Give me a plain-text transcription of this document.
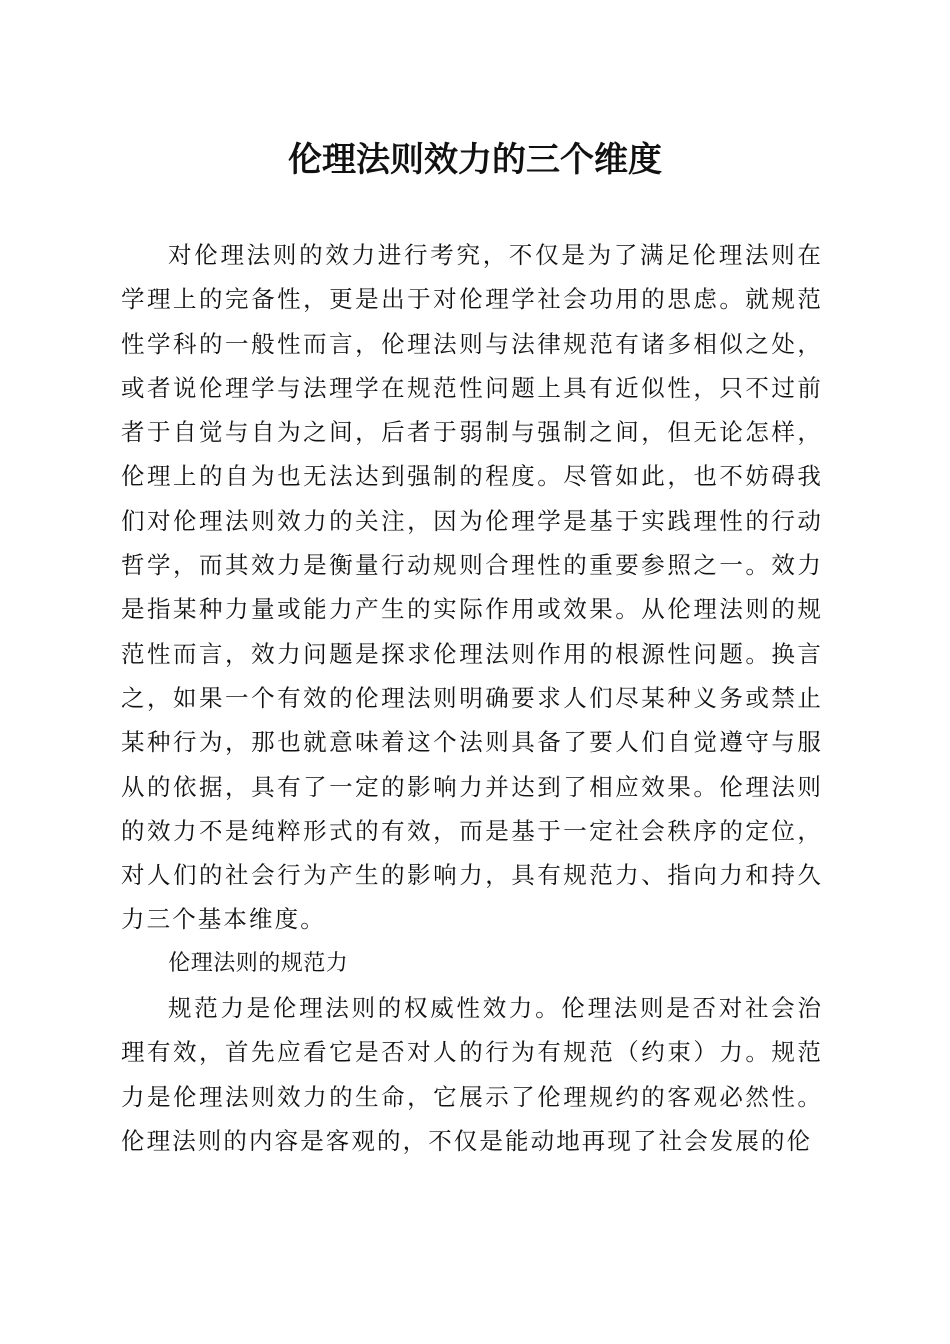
伦理法则效力的三个维度

对伦理法则的效力进行考究，不仅是为了满足伦理法则在学理上的完备性，更是出于对伦理学社会功用的思虑。就规范性学科的一般性而言，伦理法则与法律规范有诸多相似之处，或者说伦理学与法理学在规范性问题上具有近似性，只不过前者于自觉与自为之间，后者于弱制与强制之间，但无论怎样，伦理上的自为也无法达到强制的程度。尽管如此，也不妨碍我们对伦理法则效力的关注，因为伦理学是基于实践理性的行动哲学，而其效力是衡量行动规则合理性的重要参照之一。效力是指某种力量或能力产生的实际作用或效果。从伦理法则的规范性而言，效力问题是探求伦理法则作用的根源性问题。换言之，如果一个有效的伦理法则明确要求人们尽某种义务或禁止某种行为，那也就意味着这个法则具备了要人们自觉遵守与服从的依据，具有了一定的影响力并达到了相应效果。伦理法则的效力不是纯粹形式的有效，而是基于一定社会秩序的定位，对人们的社会行为产生的影响力，具有规范力、指向力和持久力三个基本维度。

伦理法则的规范力

规范力是伦理法则的权威性效力。伦理法则是否对社会治理有效，首先应看它是否对人的行为有规范（约束）力。规范力是伦理法则效力的生命，它展示了伦理规约的客观必然性。伦理法则的内容是客观的，不仅是能动地再现了社会发展的伦
